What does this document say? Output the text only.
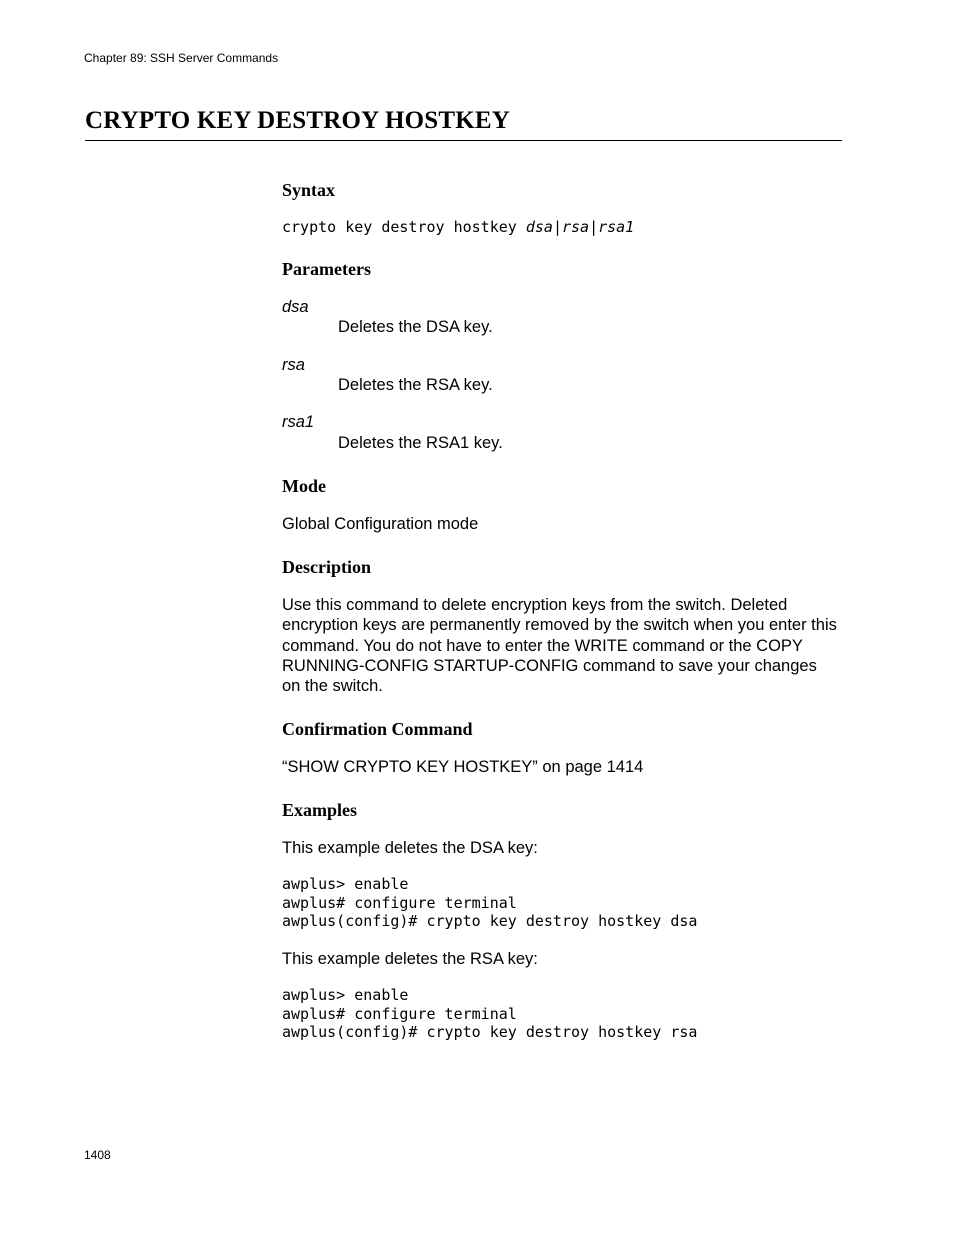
Chapter 89: SSH Server Commands
CRYPTO KEY DESTROY HOSTKEY
Syntax
crypto key destroy hostkey dsa|rsa|rsa1
Parameters
dsa
Deletes the DSA key.
rsa
Deletes the RSA key.
rsa1
Deletes the RSA1 key.
Mode
Global Configuration mode
Description

Use this command to delete encryption keys from the switch. Deleted encryption keys are permanently removed by the switch when you enter this command. You do not have to enter the WRITE command or the COPY RUNNING-CONFIG STARTUP-CONFIG command to save your changes on the switch.

Confirmation Command
“SHOW CRYPTO KEY HOSTKEY” on page 1414
Examples
This example deletes the DSA key:
awplus> enable
awplus# configure terminal
awplus(config)# crypto key destroy hostkey dsa
This example deletes the RSA key:
awplus> enable
awplus# configure terminal
awplus(config)# crypto key destroy hostkey rsa
1408
